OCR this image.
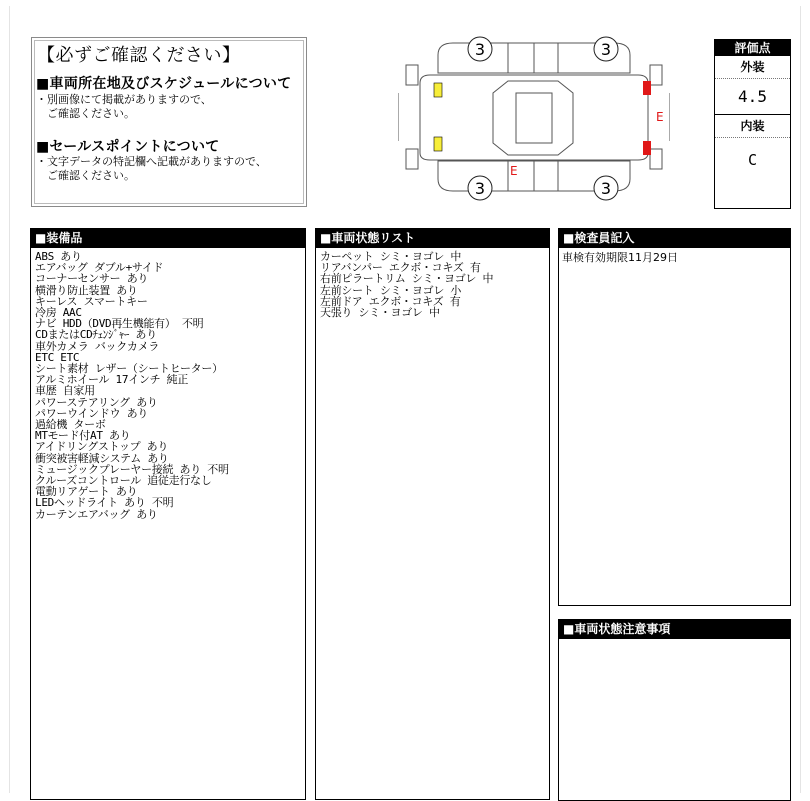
【必ずご確認ください】
■車両所在地及びスケジュールについて
・別画像にて掲載がありますので、
　ご確認ください。
■セールスポイントについて
・文字データの特記欄へ記載がありますので、
　ご確認ください。
3	3
3	3
E
E
評価点
外装
4.5
内装
C
■装備品
ABS あり
エアバッグ ダブル+サイド
コーナーセンサー あり
横滑り防止装置 あり
キーレス スマートキー
冷房 AAC
ナビ HDD（DVD再生機能有） 不明
CDまたはCDﾁｪﾝｼﾞｬｰ あり
車外カメラ バックカメラ
ETC ETC
シート素材 レザー（シートヒーター）
アルミホイール 17インチ 純正
車歴 自家用
パワーステアリング あり
パワーウインドウ あり
過給機 ターボ
MTモード付AT あり
アイドリングストップ あり
衝突被害軽減システム あり
ミュージックプレーヤー接続 あり 不明
クルーズコントロール 追従走行なし
電動リアゲート あり
LEDヘッドライト あり 不明
カーテンエアバッグ あり
■車両状態リスト
カーペット シミ・ヨゴレ 中
リアバンパー エクボ・コキズ 有
右前ピラートリム シミ・ヨゴレ 中
左前シート シミ・ヨゴレ 小
左前ドア エクボ・コキズ 有
天張り シミ・ヨゴレ 中
■検査員記入
車検有効期限11月29日
■車両状態注意事項
